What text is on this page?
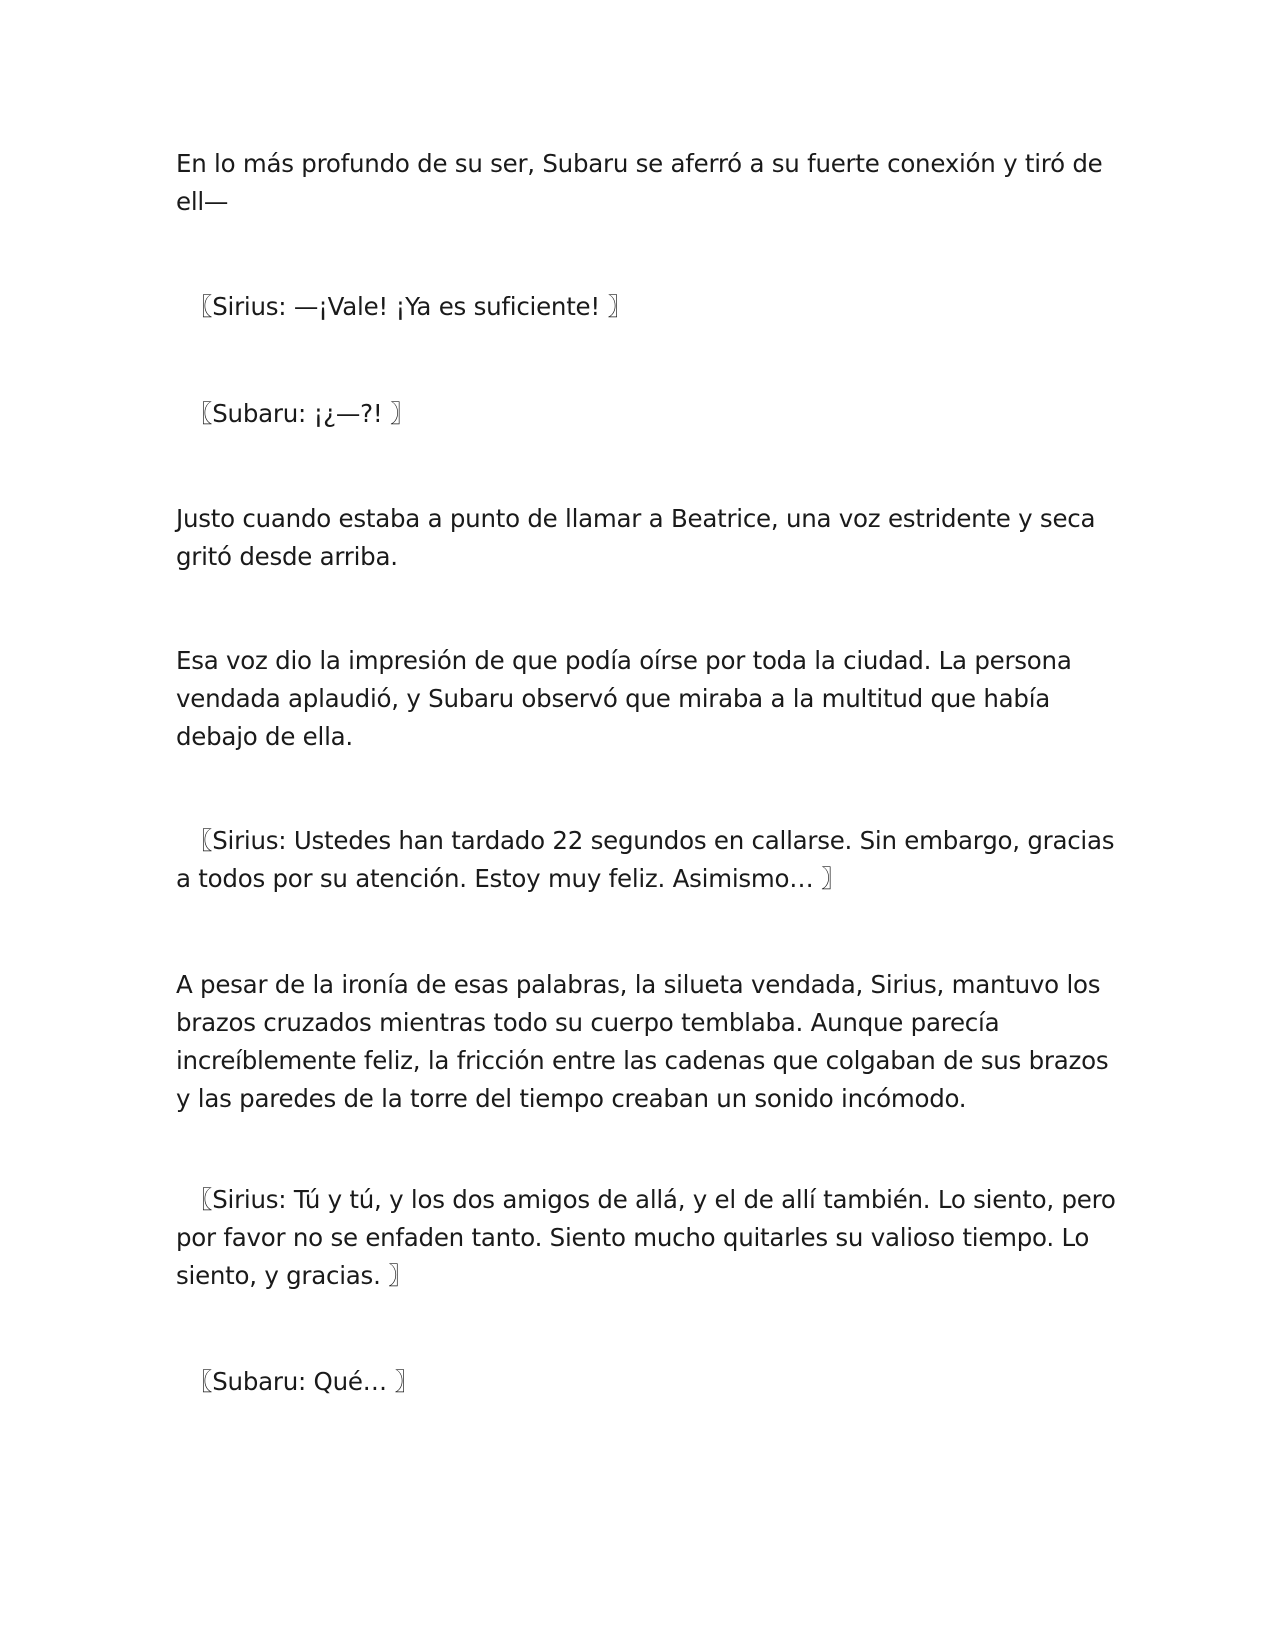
En lo más profundo de su ser, Subaru se aferró a su fuerte conexión y tiró de
ell—

〖Sirius: —¡Vale! ¡Ya es suficiente! 〗

〖Subaru: ¡¿—?! 〗

Justo cuando estaba a punto de llamar a Beatrice, una voz estridente y seca
gritó desde arriba.

Esa voz dio la impresión de que podía oírse por toda la ciudad. La persona
vendada aplaudió, y Subaru observó que miraba a la multitud que había
debajo de ella.

〖Sirius: Ustedes han tardado 22 segundos en callarse. Sin embargo, gracias
a todos por su atención. Estoy muy feliz. Asimismo… 〗

A pesar de la ironía de esas palabras, la silueta vendada, Sirius, mantuvo los
brazos cruzados mientras todo su cuerpo temblaba. Aunque parecía
increíblemente feliz, la fricción entre las cadenas que colgaban de sus brazos
y las paredes de la torre del tiempo creaban un sonido incómodo.

〖Sirius: Tú y tú, y los dos amigos de allá, y el de allí también. Lo siento, pero
por favor no se enfaden tanto. Siento mucho quitarles su valioso tiempo. Lo
siento, y gracias. 〗

〖Subaru: Qué… 〗
